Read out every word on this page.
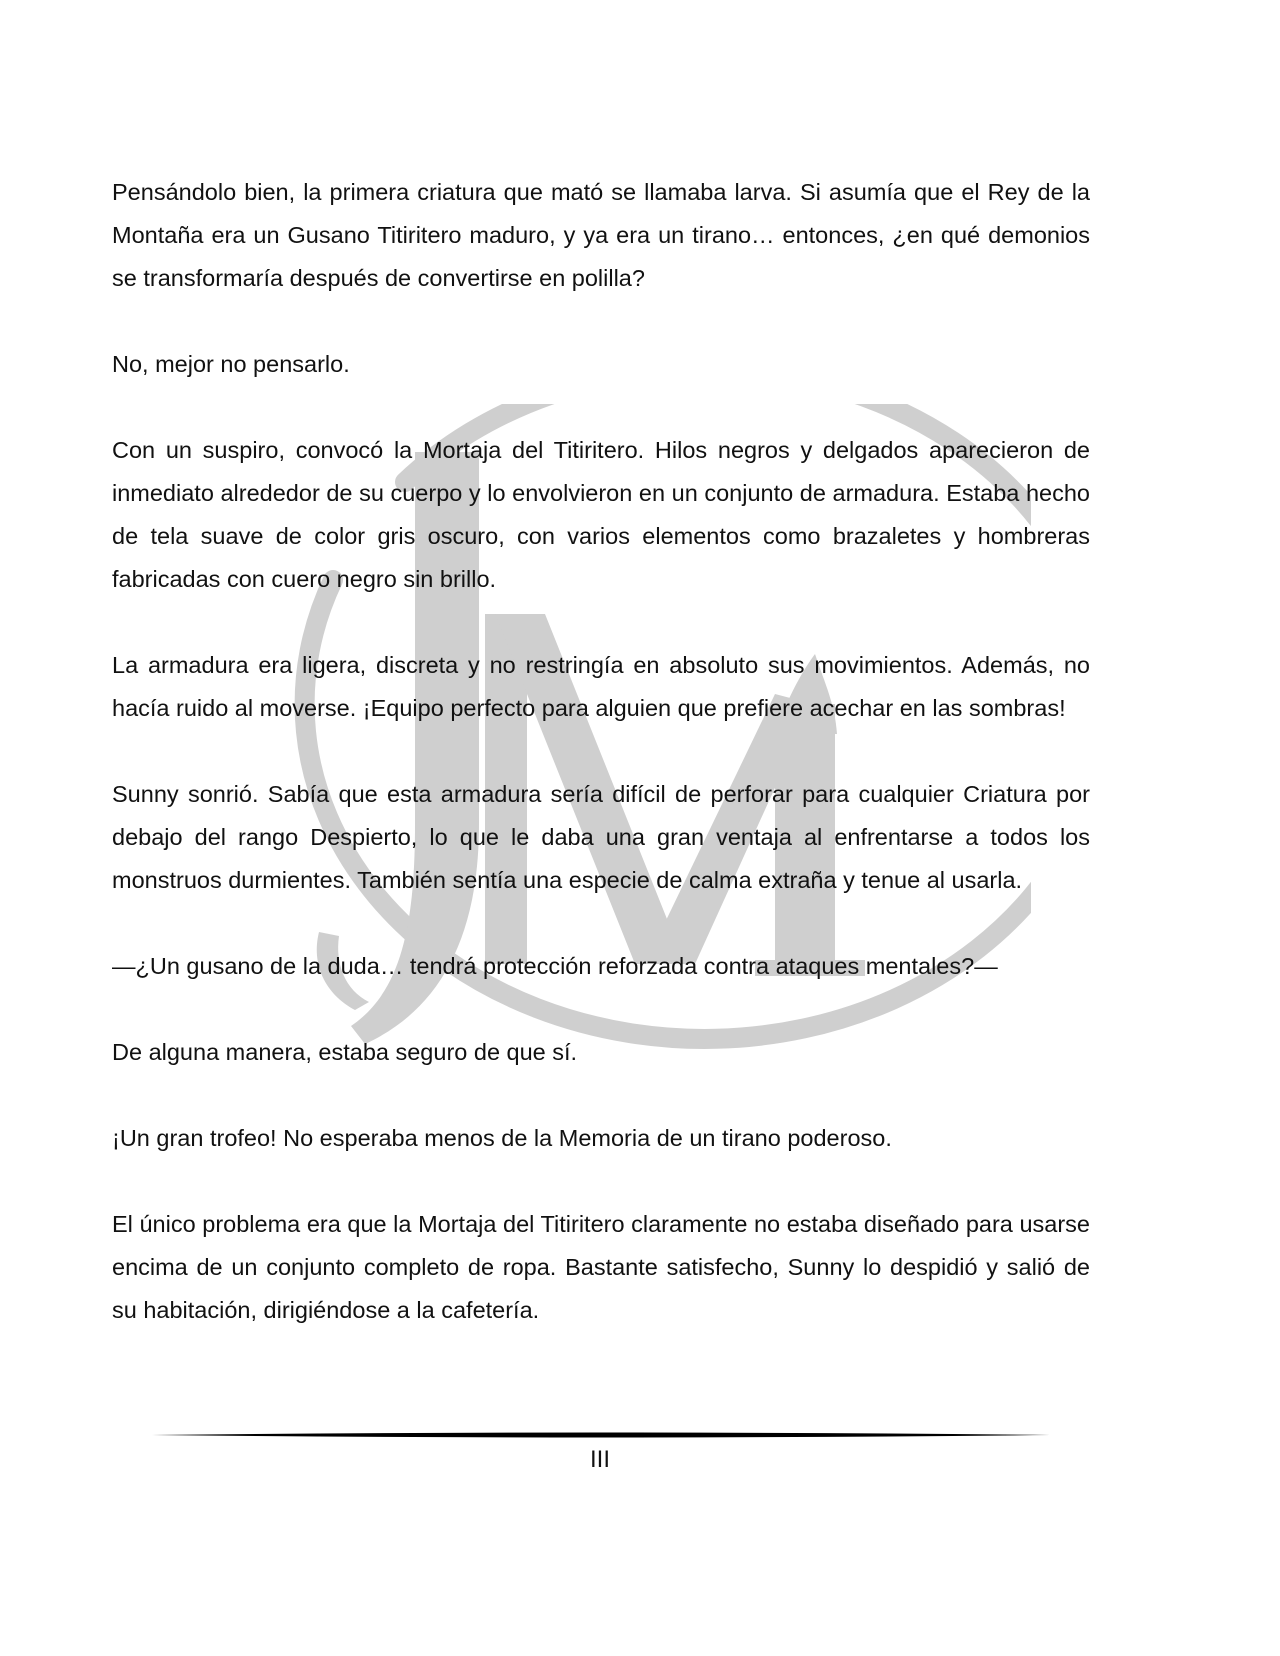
Pensándolo bien, la primera criatura que mató se llamaba larva. Si asumía que el Rey de la Montaña era un Gusano Titiritero maduro, y ya era un tirano… entonces, ¿en qué demonios se transformaría después de convertirse en polilla?

No, mejor no pensarlo.

Con un suspiro, convocó la Mortaja del Titiritero. Hilos negros y delgados aparecieron de inmediato alrededor de su cuerpo y lo envolvieron en un conjunto de armadura. Estaba hecho de tela suave de color gris oscuro, con varios elementos como brazaletes y hombreras fabricadas con cuero negro sin brillo.

La armadura era ligera, discreta y no restringía en absoluto sus movimientos. Además, no hacía ruido al moverse. ¡Equipo perfecto para alguien que prefiere acechar en las sombras!

Sunny sonrió. Sabía que esta armadura sería difícil de perforar para cualquier Criatura por debajo del rango Despierto, lo que le daba una gran ventaja al enfrentarse a todos los monstruos durmientes. También sentía una especie de calma extraña y tenue al usarla.

—¿Un gusano de la duda… tendrá protección reforzada contra ataques mentales?—

De alguna manera, estaba seguro de que sí.

¡Un gran trofeo! No esperaba menos de la Memoria de un tirano poderoso.

El único problema era que la Mortaja del Titiritero claramente no estaba diseñado para usarse encima de un conjunto completo de ropa. Bastante satisfecho, Sunny lo despidió y salió de su habitación, dirigiéndose a la cafetería.

III
